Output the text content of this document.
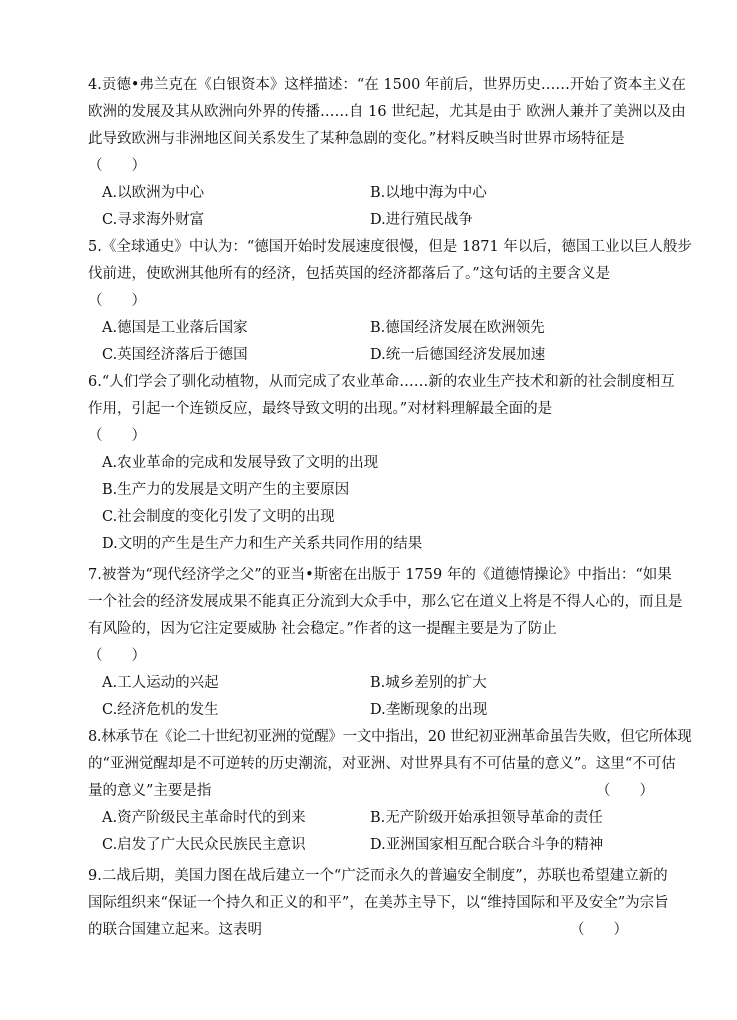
4.贡德•弗兰克在《白银资本》这样描述：“在 1500 年前后，世界历史……开始了资本主义在
欧洲的发展及其从欧洲向外界的传播……自 16 世纪起，尤其是由于 欧洲人兼并了美洲以及由
此导致欧洲与非洲地区间关系发生了某种急剧的变化。”材料反映当时世界市场特征是
（　　）
A.以欧洲为中心	B.以地中海为中心
C.寻求海外财富	D.进行殖民战争
5.《全球通史》中认为：“德国开始时发展速度很慢，但是 1871 年以后，德国工业以巨人般步
伐前进，使欧洲其他所有的经济，包括英国的经济都落后了。”这句话的主要含义是
（　　）
A.德国是工业落后国家	B.德国经济发展在欧洲领先
C.英国经济落后于德国	D.统一后德国经济发展加速
6.“人们学会了驯化动植物，从而完成了农业革命……新的农业生产技术和新的社会制度相互
作用，引起一个连锁反应，最终导致文明的出现。”对材料理解最全面的是
（　　）
A.农业革命的完成和发展导致了文明的出现
B.生产力的发展是文明产生的主要原因
C.社会制度的变化引发了文明的出现
D.文明的产生是生产力和生产关系共同作用的结果
7.被誉为“现代经济学之父”的亚当•斯密在出版于 1759 年的《道德情操论》中指出：“如果
一个社会的经济发展成果不能真正分流到大众手中，那么它在道义上将是不得人心的，而且是
有风险的，因为它注定要威胁 社会稳定。”作者的这一提醒主要是为了防止
（　　）
A.工人运动的兴起	B.城乡差别的扩大
C.经济危机的发生	D.垄断现象的出现
8.林承节在《论二十世纪初亚洲的觉醒》一文中指出，20 世纪初亚洲革命虽告失败，但它所体现
的“亚洲觉醒却是不可逆转的历史潮流，对亚洲、对世界具有不可估量的意义”。这里“不可估
量的意义”主要是指	（　　）
A.资产阶级民主革命时代的到来	B.无产阶级开始承担领导革命的责任
C.启发了广大民众民族民主意识	D.亚洲国家相互配合联合斗争的精神
9.二战后期，美国力图在战后建立一个“广泛而永久的普遍安全制度”，苏联也希望建立新的
国际组织来“保证一个持久和正义的和平”，在美苏主导下，以“维持国际和平及安全”为宗旨
的联合国建立起来。这表明	（　　）
